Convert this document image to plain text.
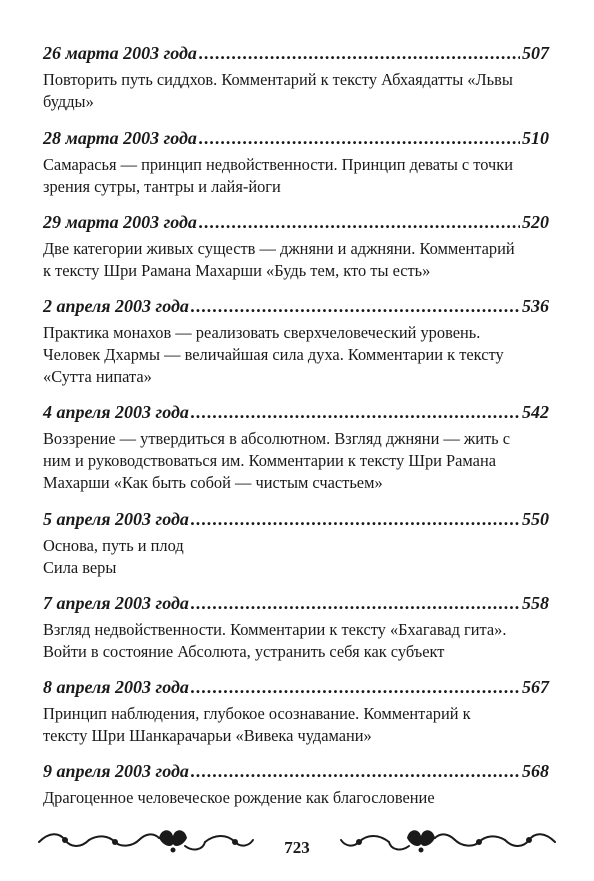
26 марта 2003 года .....	507
Повторить путь сиддхов. Комментарий к тексту Абхаядатты «Львы
будды»
28 марта 2003 года .....	510
Самарасья — принцип недвойственности. Принцип деваты с точки
зрения сутры, тантры и лайя-йоги
29 марта 2003 года .....	520
Две категории живых существ — джняни и аджняни. Комментарий
к тексту Шри Рамана Махарши «Будь тем, кто ты есть»
2 апреля 2003 года .....	536
Практика монахов — реализовать сверхчеловеческий уровень.
Человек Дхармы — величайшая сила духа. Комментарии к тексту
«Сутта нипата»
4 апреля 2003 года .....	542
Воззрение — утвердиться в абсолютном. Взгляд джняни — жить с
ним и руководствоваться им. Комментарии к тексту Шри Рамана
Махарши «Как быть собой — чистым счастьем»
5 апреля 2003 года .....	550
Основа, путь и плод
Сила веры
7 апреля 2003 года .....	558
Взгляд недвойственности. Комментарии к тексту «Бхагавад гита».
Войти в состояние Абсолюта, устранить себя как субъект
8 апреля 2003 года .....	567
Принцип наблюдения, глубокое осознавание. Комментарий к
тексту Шри Шанкарачарьи «Вивека чудамани»
9 апреля 2003 года .....	568
Драгоценное человеческое рождение как благословение
723
